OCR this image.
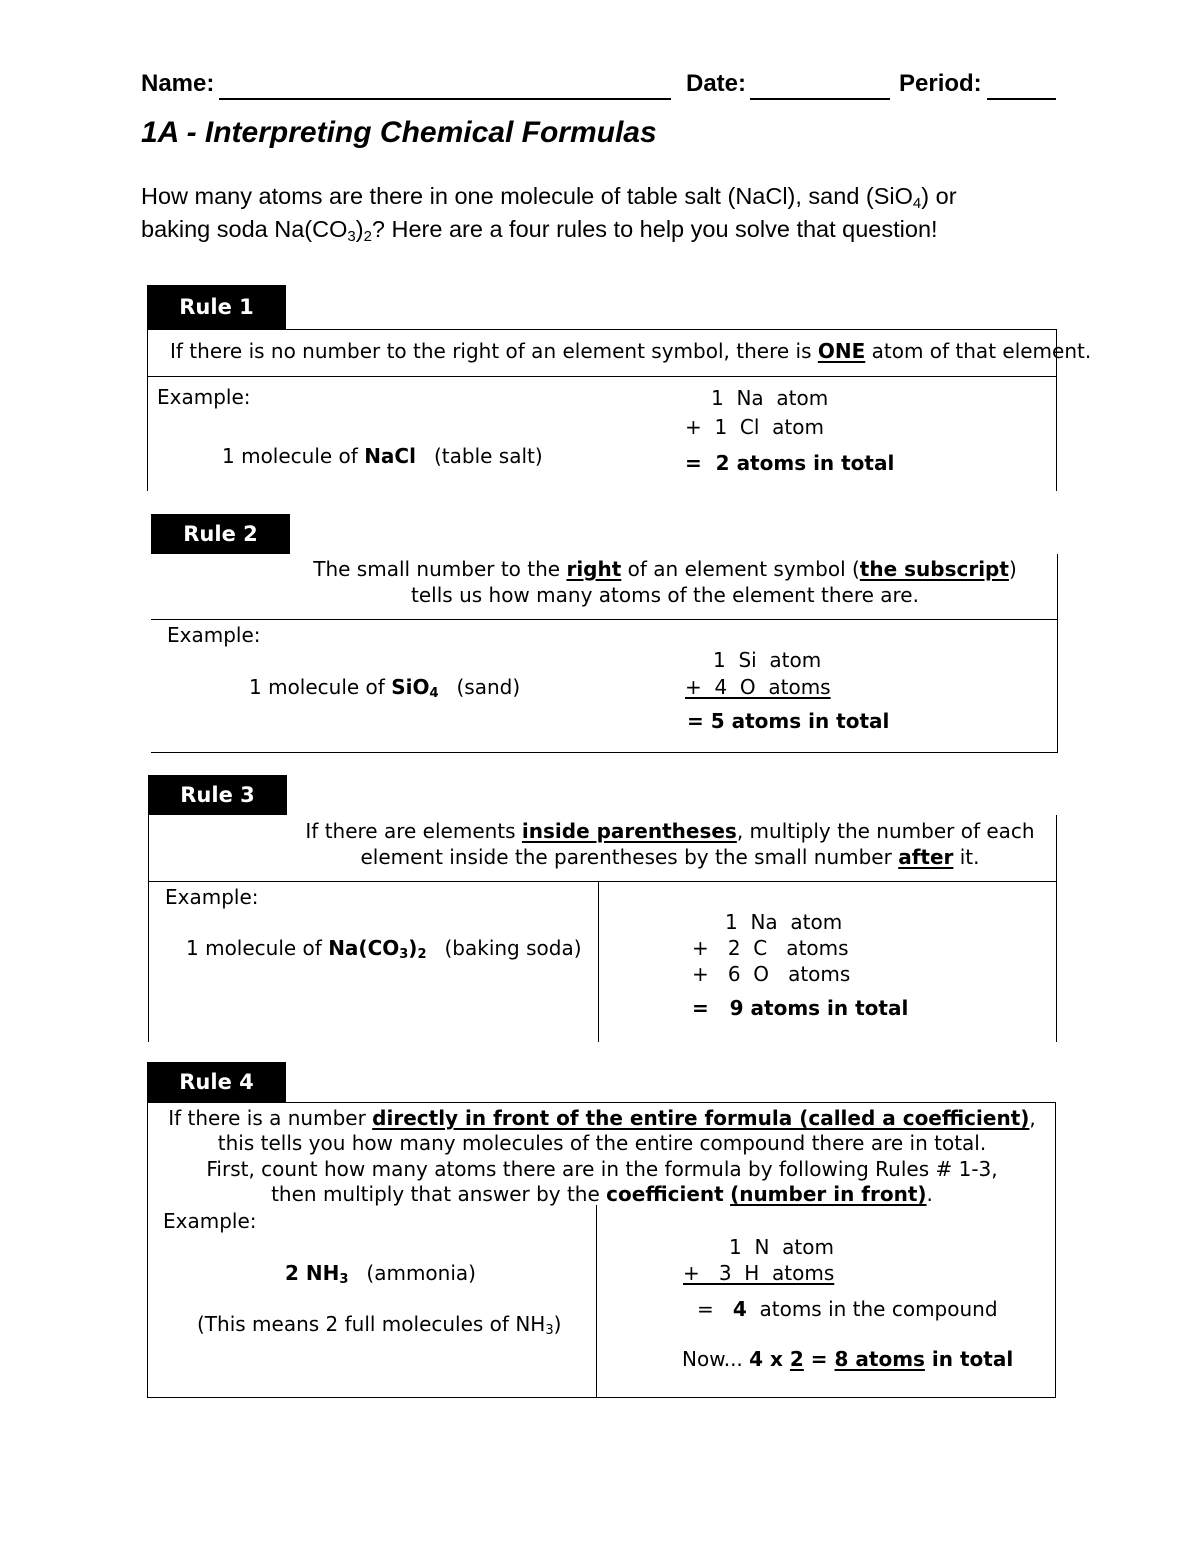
Name:	Date:	Period:
1A - Interpreting Chemical Formulas
How many atoms are there in one molecule of table salt (NaCl), sand (SiO$_4$) or
baking soda $Na(CO_3)_2$? Here are a four rules to help you solve that question!
Rule 1
If there is no number to the right of an element symbol, there is ONE atom of that element.
Example:
1 molecule of NaCl (table salt)
1  Na  atom
+  1  Cl  atom
=  2 atoms in total
Rule 2
The small number to the right of an element symbol (the subscript)
tells us how many atoms of the element there are.
Example:
1 molecule of SiO4 (sand)
1  Si  atom
+  4  O  atoms
= 5 atoms in total
Rule 3
If there are elements inside parentheses, multiply the number of each
element inside the parentheses by the small number after it.
Example:
1 molecule of Na(CO3)2 (baking soda)
1  Na  atom
+   2  C   atoms
+   6  O   atoms
=   9 atoms in total
Rule 4
If there is a number directly in front of the entire formula (called a coefficient),
this tells you how many molecules of the entire compound there are in total.
First, count how many atoms there are in the formula by following Rules # 1-3,
then multiply that answer by the coefficient (number in front).
Example:
2 NH3 (ammonia)
(This means 2 full molecules of NH3)
1  N  atom
+   3  H  atoms
=   4  atoms in the compound
Now... 4 x 2 = 8 atoms in total
